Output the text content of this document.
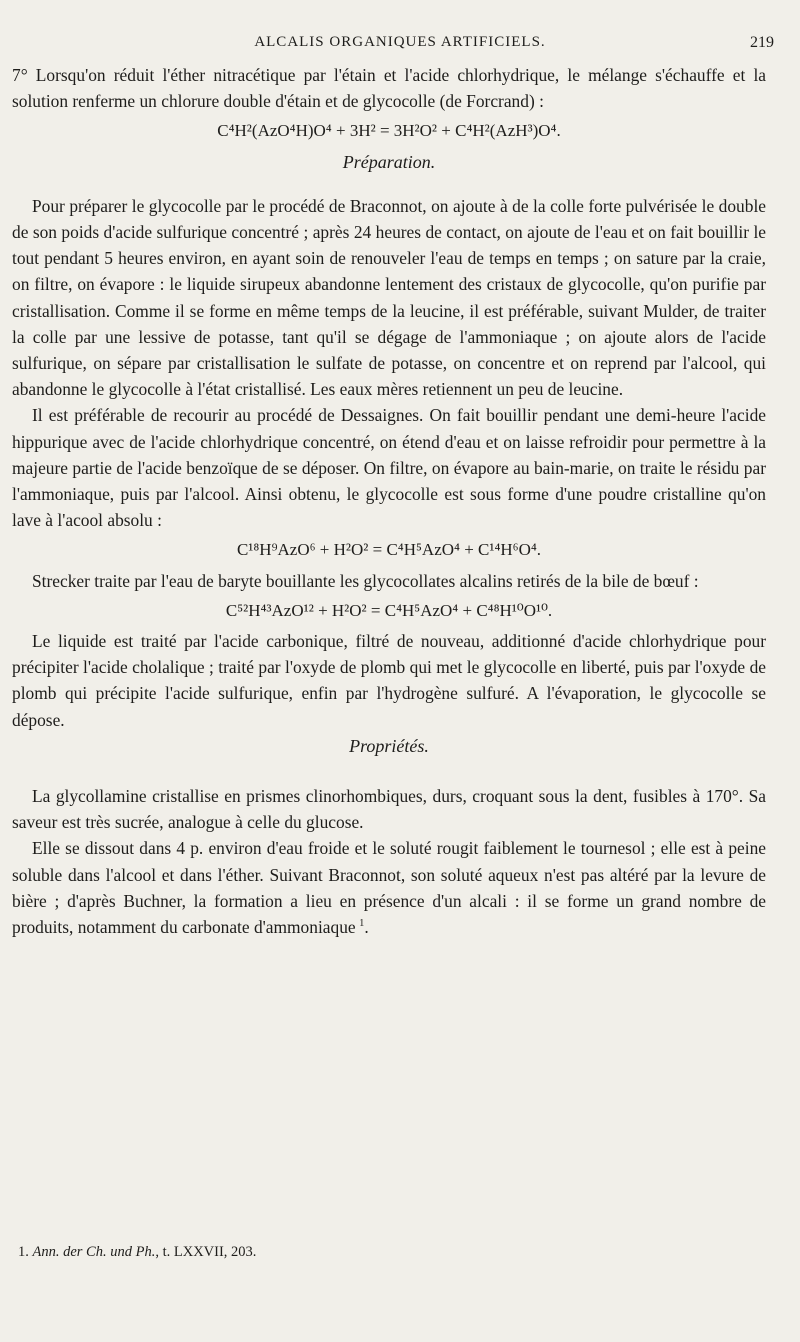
ALCALIS ORGANIQUES ARTIFICIELS.	219

7° Lorsqu'on réduit l'éther nitracétique par l'étain et l'acide chlorhydrique, le mélange s'échauffe et la solution renferme un chlorure double d'étain et de glycocolle (de Forcrand) :

C⁴H²(AzO⁴H)O⁴ + 3H² = 3H²O² + C⁴H²(AzH³)O⁴.
Préparation.

Pour préparer le glycocolle par le procédé de Braconnot, on ajoute à de la colle forte pulvérisée le double de son poids d'acide sulfurique concentré ; après 24 heures de contact, on ajoute de l'eau et on fait bouillir le tout pendant 5 heures environ, en ayant soin de renouveler l'eau de temps en temps ; on sature par la craie, on filtre, on évapore : le liquide sirupeux abandonne lentement des cristaux de glycocolle, qu'on purifie par cristallisation. Comme il se forme en même temps de la leucine, il est préférable, suivant Mulder, de traiter la colle par une lessive de potasse, tant qu'il se dégage de l'ammoniaque ; on ajoute alors de l'acide sulfurique, on sépare par cristallisation le sulfate de potasse, on concentre et on reprend par l'alcool, qui abandonne le glycocolle à l'état cristallisé. Les eaux mères retiennent un peu de leucine.

Il est préférable de recourir au procédé de Dessaignes. On fait bouillir pendant une demi-heure l'acide hippurique avec de l'acide chlorhydrique concentré, on étend d'eau et on laisse refroidir pour permettre à la majeure partie de l'acide benzoïque de se déposer. On filtre, on évapore au bain-marie, on traite le résidu par l'ammoniaque, puis par l'alcool. Ainsi obtenu, le glycocolle est sous forme d'une poudre cristalline qu'on lave à l'acool absolu :

C¹⁸H⁹AzO⁶ + H²O² = C⁴H⁵AzO⁴ + C¹⁴H⁶O⁴.

Strecker traite par l'eau de baryte bouillante les glycocollates alcalins retirés de la bile de bœuf :

C⁵²H⁴³AzO¹² + H²O² = C⁴H⁵AzO⁴ + C⁴⁸H¹⁰O¹⁰.

Le liquide est traité par l'acide carbonique, filtré de nouveau, additionné d'acide chlorhydrique pour précipiter l'acide cholalique ; traité par l'oxyde de plomb qui met le glycocolle en liberté, puis par l'oxyde de plomb qui précipite l'acide sulfurique, enfin par l'hydrogène sulfuré. A l'évaporation, le glycocolle se dépose.

Propriétés.

La glycollamine cristallise en prismes clinorhombiques, durs, croquant sous la dent, fusibles à 170°. Sa saveur est très sucrée, analogue à celle du glucose.

Elle se dissout dans 4 p. environ d'eau froide et le soluté rougit faiblement le tournesol ; elle est à peine soluble dans l'alcool et dans l'éther. Suivant Braconnot, son soluté aqueux n'est pas altéré par la levure de bière ; d'après Buchner, la formation a lieu en présence d'un alcali : il se forme un grand nombre de produits, notamment du carbonate d'ammoniaque  $^1$.

1. Ann. der Ch. und Ph., t. LXXVII, 203.
